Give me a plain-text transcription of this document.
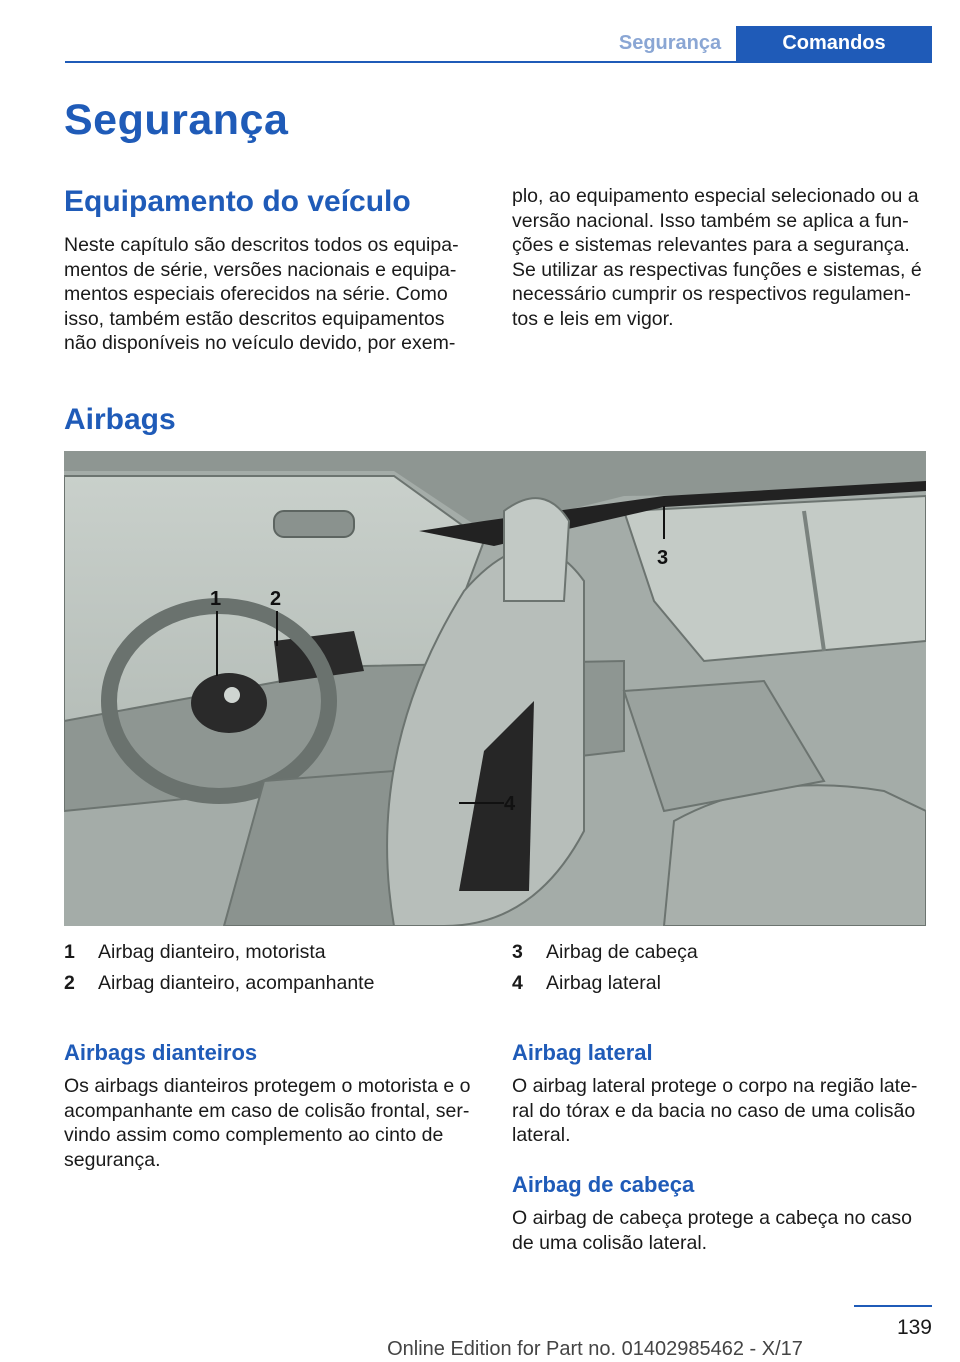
Segurança	Comandos
Segurança
Equipamento do veículo
Neste capítulo são descritos todos os equipa-
mentos de série, versões nacionais e equipa-
mentos especiais oferecidos na série. Como
isso, também estão descritos equipamentos
não disponíveis no veículo devido, por exem-
plo, ao equipamento especial selecionado ou a
versão nacional. Isso também se aplica a fun-
ções e sistemas relevantes para a segurança.
Se utilizar as respectivas funções e sistemas, é
necessário cumprir os respectivos regulamen-
tos e leis em vigor.
Airbags
1 2
3
4
1 Airbag dianteiro, motorista
2 Airbag dianteiro, acompanhante
3 Airbag de cabeça
4 Airbag lateral
Airbags dianteiros
Os airbags dianteiros protegem o motorista e o
acompanhante em caso de colisão frontal, ser-
vindo assim como complemento ao cinto de
segurança.
Airbag lateral
O airbag lateral protege o corpo na região late-
ral do tórax e da bacia no caso de uma colisão
lateral.
Airbag de cabeça
O airbag de cabeça protege a cabeça no caso
de uma colisão lateral.
139
Online Edition for Part no. 01402985462 - X/17
